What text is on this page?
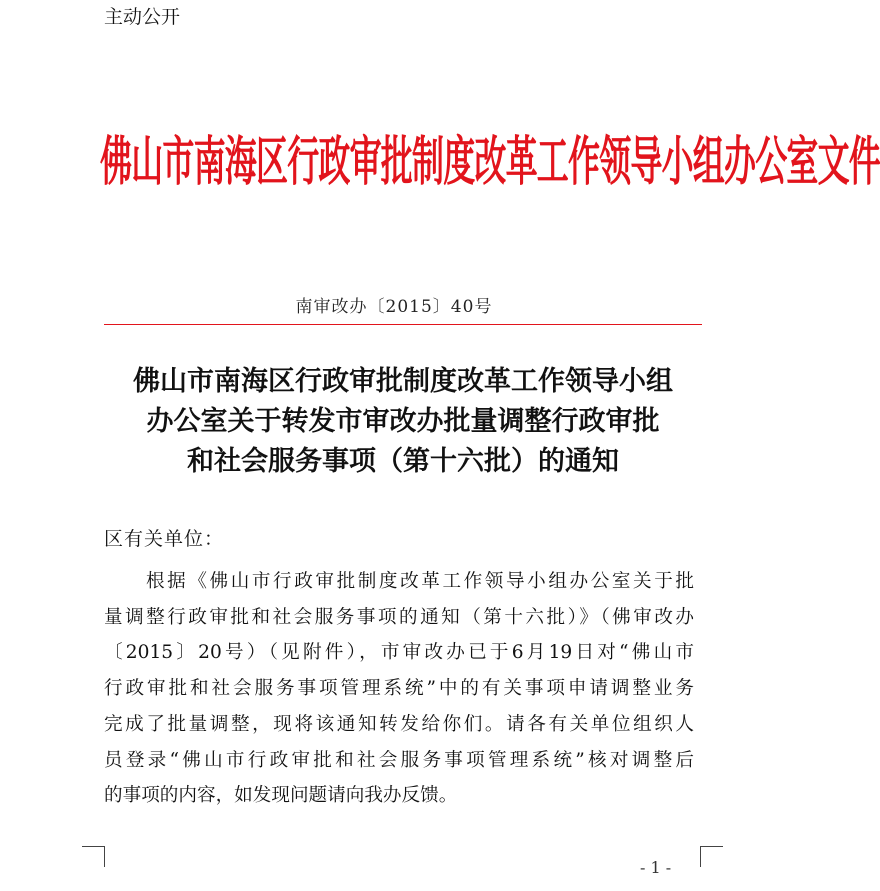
主动公开
佛山市南海区行政审批制度改革工作领导小组办公室文件
南审改办〔2015〕40号
佛山市南海区行政审批制度改革工作领导小组
办公室关于转发市审改办批量调整行政审批
和社会服务事项（第十六批）的通知
区有关单位：
根据《佛山市行政审批制度改革工作领导小组办公室关于批
量调整行政审批和社会服务事项的通知（第十六批）》（佛审改办
〔2015〕20号）（见附件），市审改办已于6月19日对“佛山市
行政审批和社会服务事项管理系统”中的有关事项申请调整业务
完成了批量调整，现将该通知转发给你们。请各有关单位组织人
员登录“佛山市行政审批和社会服务事项管理系统”核对调整后
的事项的内容，如发现问题请向我办反馈。
- 1 -
